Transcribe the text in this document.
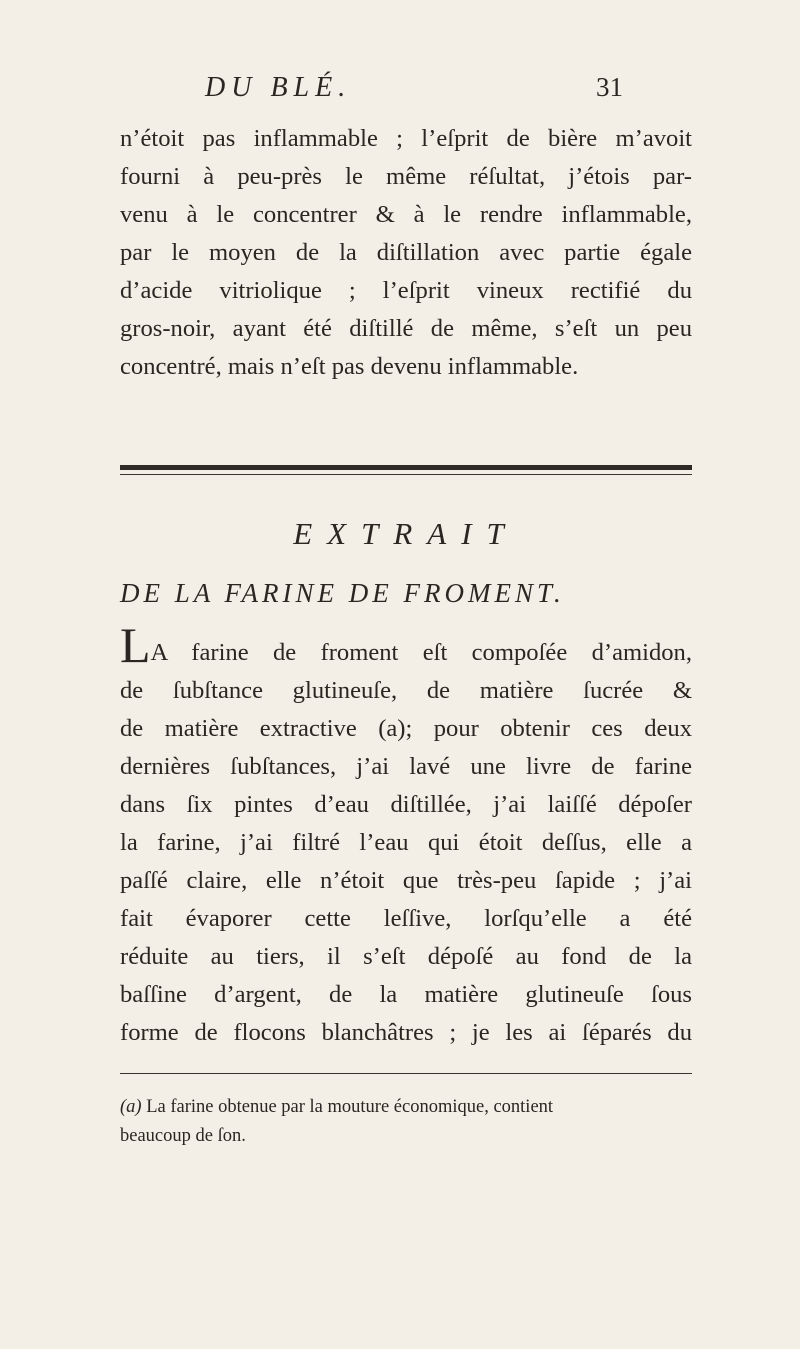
DU BLÉ.	31
n’étoit pas inflammable ; l’eſprit de bière m’avoit
fourni à peu-près le même réſultat, j’étois par-
venu à le concentrer & à le rendre inflammable,
par le moyen de la diſtillation avec partie égale
d’acide vitriolique ; l’eſprit vineux rectifié du
gros-noir, ayant été diſtillé de même, s’eſt un peu
concentré, mais n’eſt pas devenu inflammable.
EXTRAIT
DE LA FARINE DE FROMENT.
LA farine de froment eſt compoſée d’amidon,
de ſubſtance glutineuſe, de matière ſucrée &
de matière extractive (a); pour obtenir ces deux
dernières ſubſtances, j’ai lavé une livre de farine
dans ſix pintes d’eau diſtillée, j’ai laiſſé dépoſer
la farine, j’ai filtré l’eau qui étoit deſſus, elle a
paſſé claire, elle n’étoit que très-peu ſapide ; j’ai
fait évaporer cette leſſive, lorſqu’elle a été
réduite au tiers, il s’eſt dépoſé au fond de la
baſſine d’argent, de la matière glutineuſe ſous
forme de flocons blanchâtres ; je les ai ſéparés du
(a) La farine obtenue par la mouture économique, contient
beaucoup de ſon.
